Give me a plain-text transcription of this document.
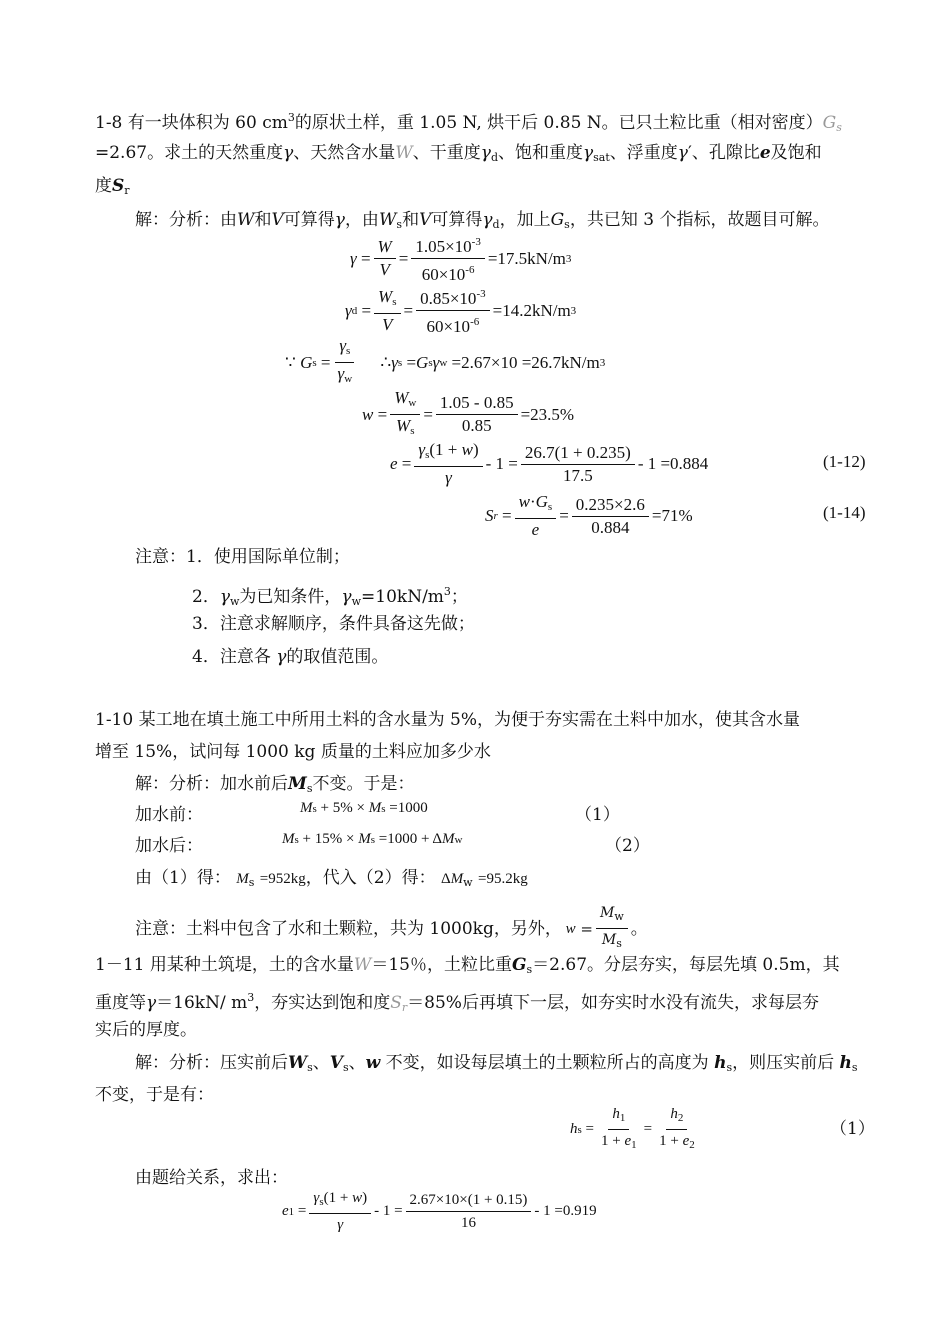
1-8 有一块体积为 60 $cm^3$的原状土样，重 1.05 N, 烘干后 0.85 N。已只土粒比重（相对密度）$G_s$
=2.67。求土的天然重度γ、天然含水量W、干重度$\gamma_d$、饱和重度$\gamma_{sat}$、浮重度γ′、孔隙比e及饱和
度$S_r$
解：分析：由W和V可算得γ，由$W_s$和V可算得$\gamma_d$，加上$G_s$，共已知 3 个指标，故题目可解。
$\gamma = \frac{W}{V} = \frac{1.05\times 10^{-3}}{60\times 10^{-6}} =17.5kN/m$ 3
γ $d = \frac{W_s}{V} = \frac{0.85\times 10^{-3}}{60\times 10^{-6}} =14.2kN/m$ 3
∵
G $s = \frac{\gamma_s}{\gamma_w}$
∴ γ s = G s γ w
=2.67×10 =26.7kN/m 3
$w = \frac{W_w}{W_s} = \frac{1.05 - 0.85}{0.85} =23.5\%$
$e = \frac{\gamma_s(1 + w)}{\gamma} - 1 = \frac{26.7(1 + 0.235)}{17.5} - 1 =0.884$	(1-12)
S $r = \frac{w\cdot G_s}{e} = \frac{0.235\times 2.6}{0.884} =71\%$	(1-14)
注意：1．使用国际单位制；
2．$\gamma_w$为已知条件，$\gamma_w=10kN/m^3$；
3．注意求解顺序，条件具备这先做；
4．注意各 γ的取值范围。
1-10 某工地在填土施工中所用土料的含水量为 5%，为便于夯实需在土料中加水，使其含水量
增至 15%，试问每 1000 kg 质量的土料应加多少水
解：分析：加水前后$M_s$不变。于是：
加水前：	M s
+ 5% ×
M s
=1000	（1）
加水后：	M s
+ 15% ×
M s
=1000 + Δ M w	（2）
由（1）得： $M_s =952kg$，代入（2）得： $\Delta M_w =95.2kg$
注意：土料中包含了水和土颗粒，共为 1000kg，另外， $w = \frac{M_w}{M_s}$ 。
1－11 用某种土筑堤，土的含水量W＝15％，土粒比重$G_s=2.67$。分层夯实，每层先填 0.5m，其
重度等γ＝16kN/ $m^3$，夯实达到饱和度$S_r=85\%$后再填下一层，如夯实时水没有流失，求每层夯
实后的厚度。
解：分析：压实前后$W_s$、$V_s$、w 不变，如设每层填土的土颗粒所占的高度为 $h_s$，则压实前后 $h_s$
不变，于是有：
h $s = \frac{h_1}{1 + e_1} = \frac{h_2}{1 + e_2}$	（1）
由题给关系，求出：
e $1 = \frac{\gamma_s(1 + w)}{\gamma} - 1 = \frac{2.67\times 10\times(1 + 0.15)}{16} - 1 =0.919$
